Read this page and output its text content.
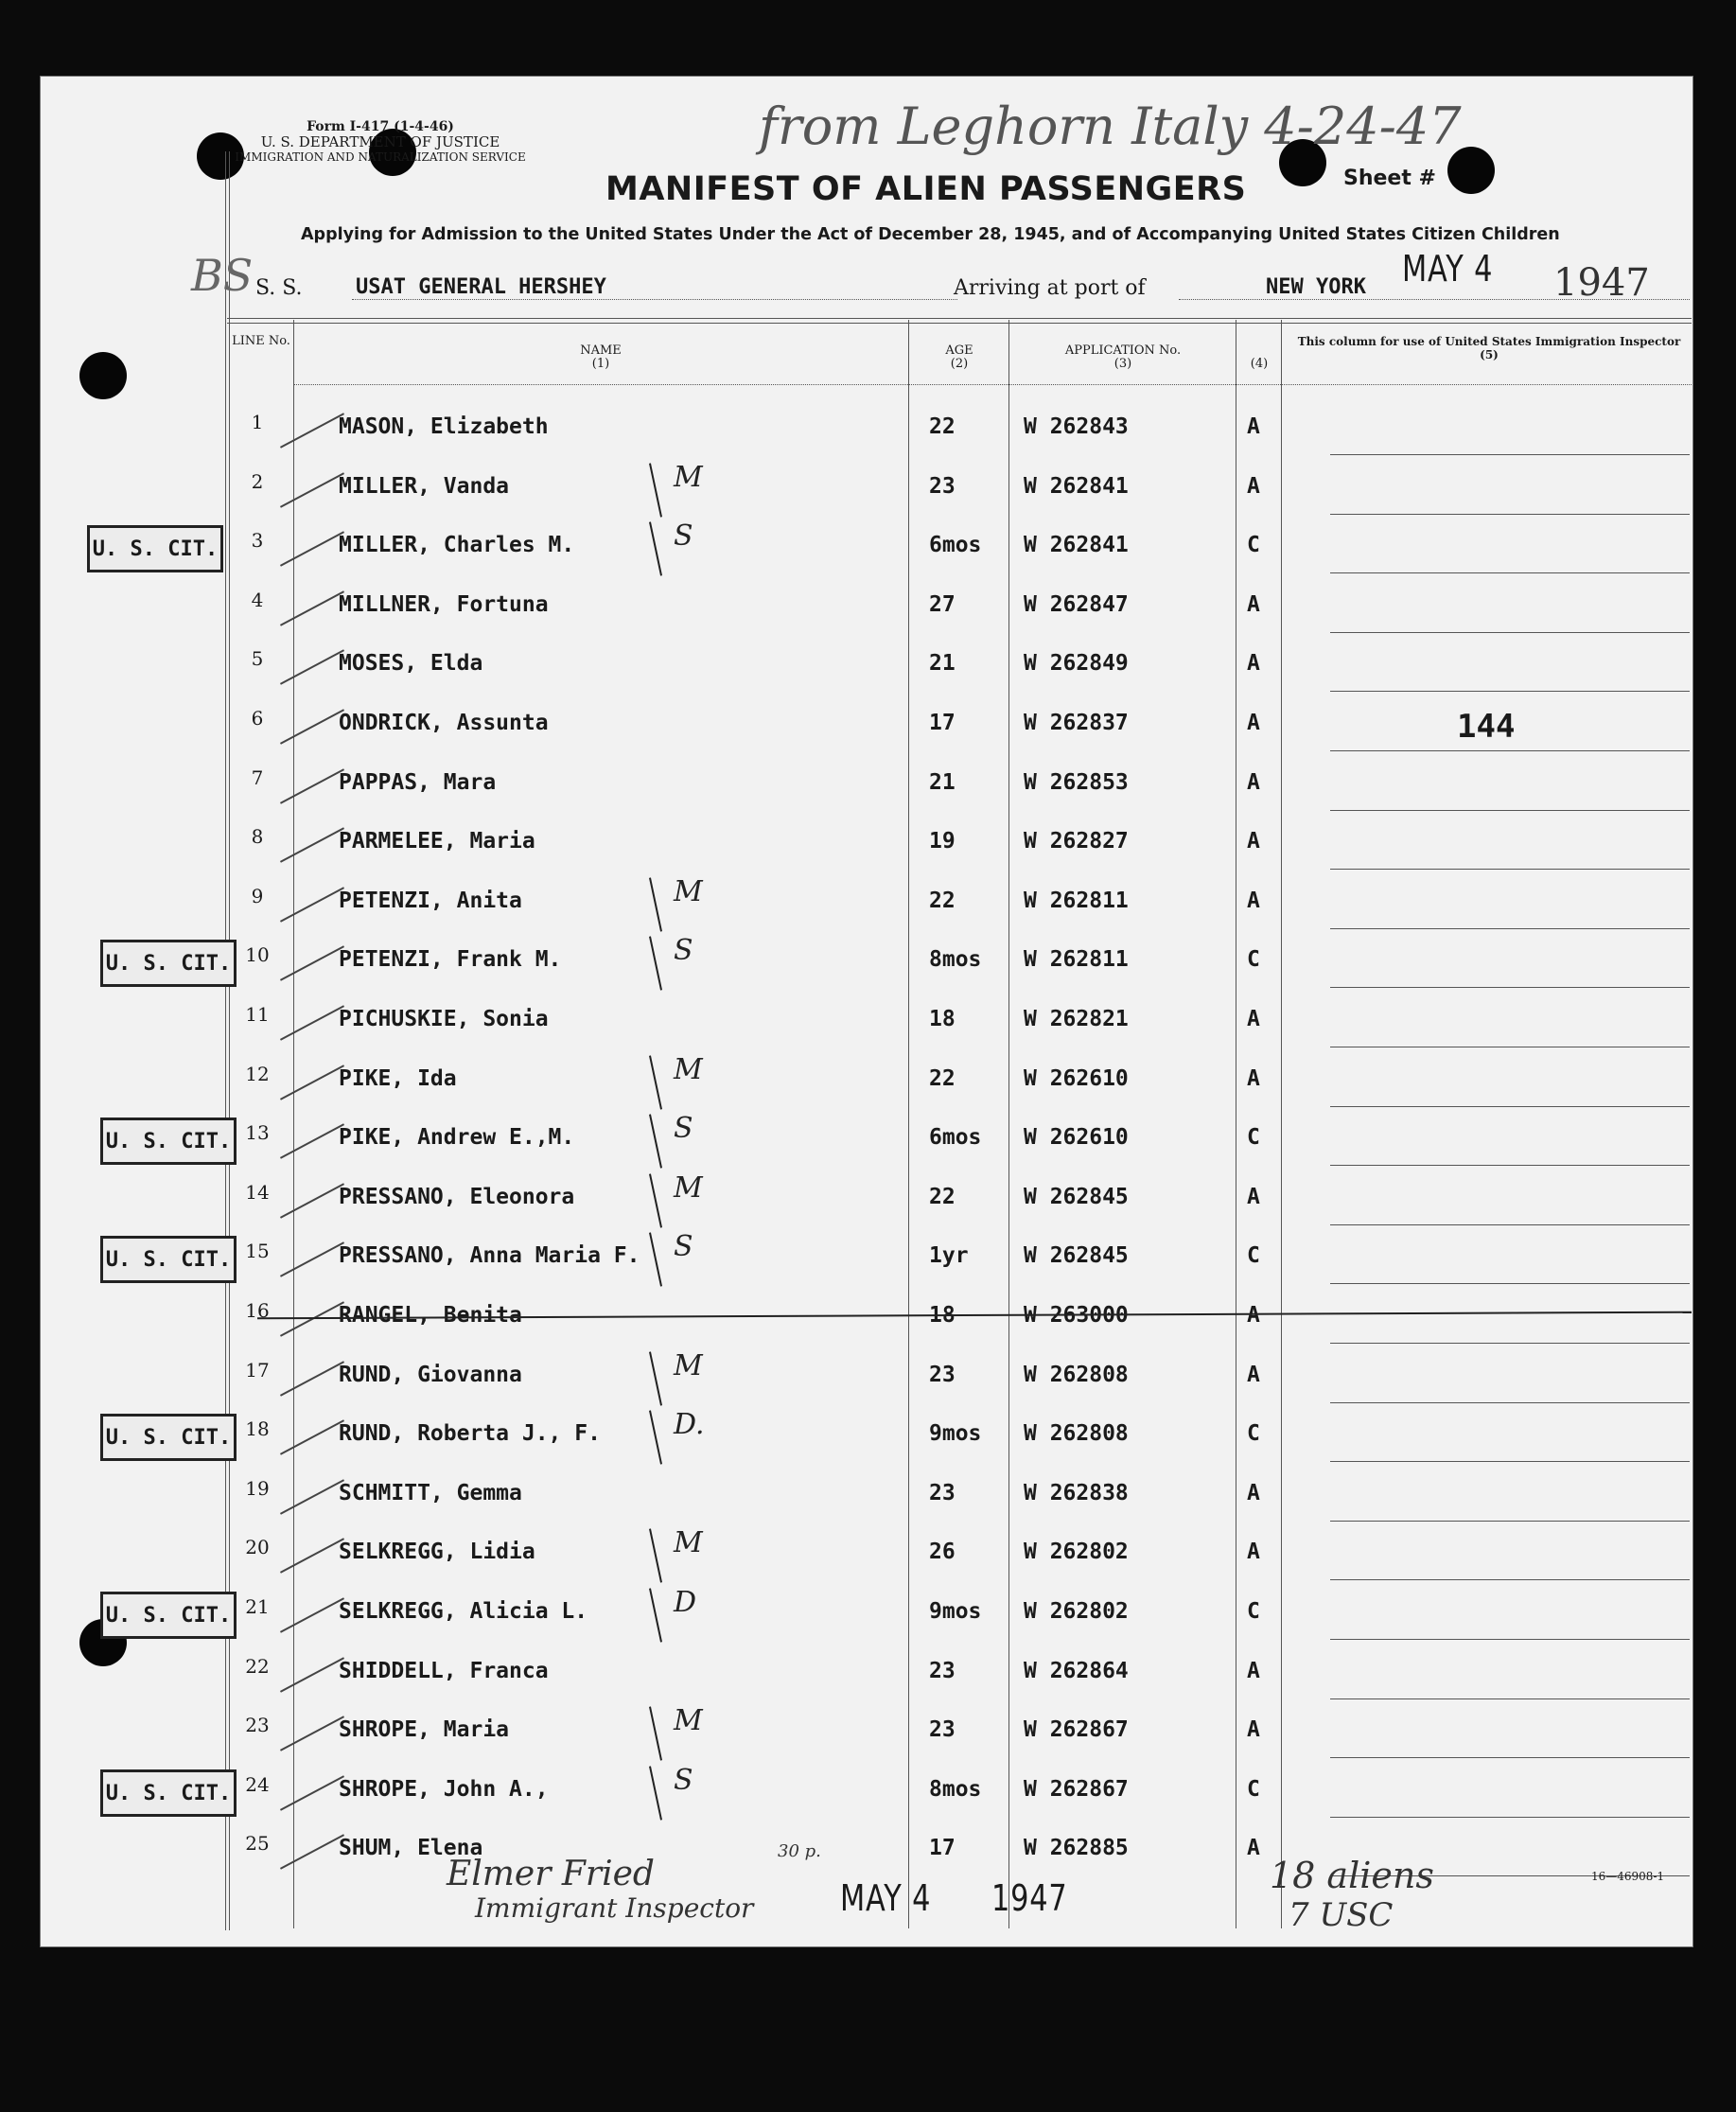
Form I-417 (1-4-46)
U. S. DEPARTMENT OF JUSTICE
IMMIGRATION AND NATURALIZATION SERVICE
from Leghorn Italy 4-24-47
MANIFEST OF ALIEN PASSENGERS	Sheet #
Applying for Admission to the United States Under the Act of December 28, 1945, and of Accompanying United States Citizen Children
BS S. S.	USAT GENERAL HERSHEY	Arriving at port of	NEW YORK MAY 4 1947
LINE No.
NAME
(1)
AGE
(2)
APPLICATION No.
(3)	(4)
This column for use of United States Immigration Inspector
(5)
1	MASON, Elizabeth	22	W 262843	A
2	MILLER, Vanda	23	W 262841	A
M
3	MILLER, Charles M.	6mos W 262841	C
S
U. S. CIT.
4	MILLNER, Fortuna	27	W 262847	A
5	MOSES, Elda	21	W 262849	A
6	ONDRICK, Assunta	17	W 262837	A
7	PAPPAS, Mara	21	W 262853	A
8	PARMELEE, Maria	19	W 262827	A
9	PETENZI, Anita	22	W 262811	A
M
10	PETENZI, Frank M.	8mos W 262811	C
S
U. S. CIT.
11	PICHUSKIE, Sonia	18	W 262821	A
12	PIKE, Ida	22	W 262610	A
M
13	PIKE, Andrew E.,M.	6mos W 262610	C
S
U. S. CIT.
14	PRESSANO, Eleonora	22	W 262845	A
M
15	PRESSANO, Anna Maria F.	1yr	W 262845	C
S
U. S. CIT.
16	RANGEL, Benita	18	W 263000	A
17	RUND, Giovanna	23	W 262808	A
M
18	RUND, Roberta J., F.	9mos W 262808	C
D.
U. S. CIT.
19	SCHMITT, Gemma	23	W 262838	A
20	SELKREGG, Lidia	26	W 262802	A
M
21	SELKREGG, Alicia L.	9mos W 262802	C
D
U. S. CIT.
22	SHIDDELL, Franca	23	W 262864	A
23	SHROPE, Maria	23	W 262867	A
M
24	SHROPE, John A.,	8mos W 262867	C
S
U. S. CIT.
25	SHUM, Elena	17	W 262885	A
144
Elmer Fried
30 p.
Immigrant Inspector MAY 4 1947
18 aliens
7 USC
16—46908-1
